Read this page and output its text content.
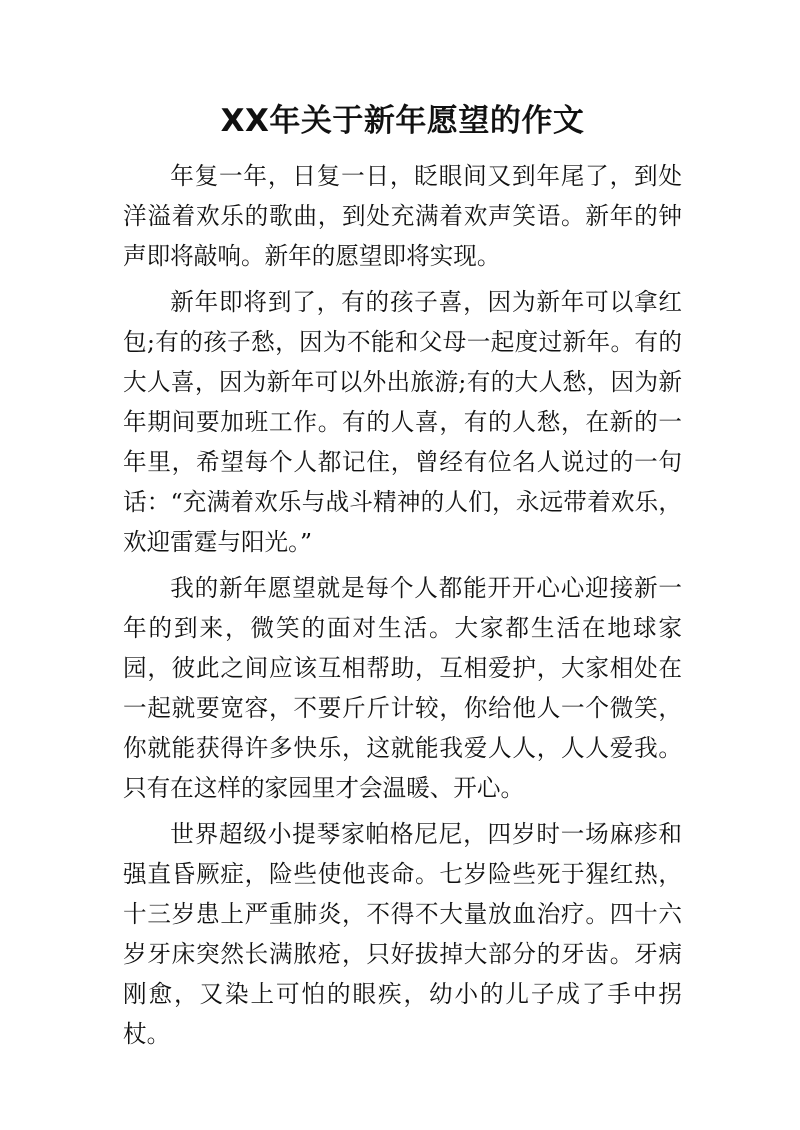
XX年关于新年愿望的作文

年复一年，日复一日，眨眼间又到年尾了，到处洋溢着欢乐的歌曲，到处充满着欢声笑语。新年的钟声即将敲响。新年的愿望即将实现。

新年即将到了，有的孩子喜，因为新年可以拿红包;有的孩子愁，因为不能和父母一起度过新年。有的大人喜，因为新年可以外出旅游;有的大人愁，因为新年期间要加班工作。有的人喜，有的人愁，在新的一年里，希望每个人都记住，曾经有位名人说过的一句话：“充满着欢乐与战斗精神的人们，永远带着欢乐，欢迎雷霆与阳光。”

我的新年愿望就是每个人都能开开心心迎接新一年的到来，微笑的面对生活。大家都生活在地球家园，彼此之间应该互相帮助，互相爱护，大家相处在一起就要宽容，不要斤斤计较，你给他人一个微笑，你就能获得许多快乐，这就能我爱人人，人人爱我。只有在这样的家园里才会温暖、开心。

世界超级小提琴家帕格尼尼，四岁时一场麻疹和强直昏厥症，险些使他丧命。七岁险些死于猩红热，十三岁患上严重肺炎，不得不大量放血治疗。四十六岁牙床突然长满脓疮，只好拔掉大部分的牙齿。牙病刚愈，又染上可怕的眼疾，幼小的儿子成了手中拐杖。
